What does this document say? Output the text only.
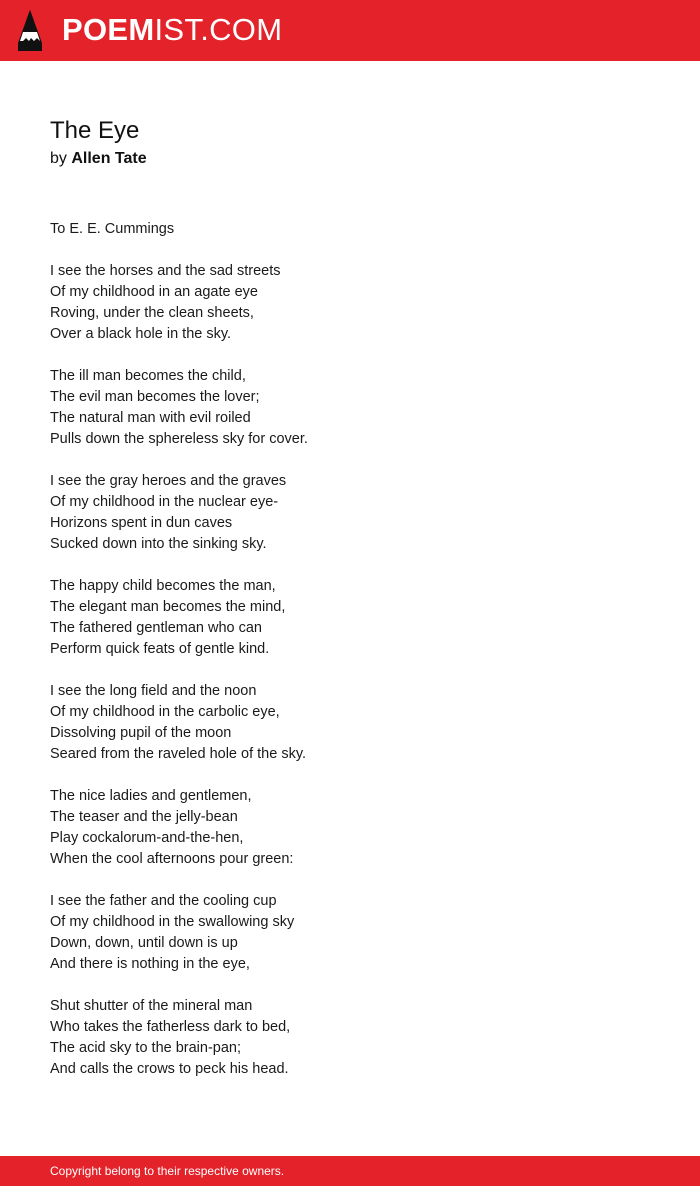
POEMIST.COM
The Eye
by Allen Tate
To E. E. Cummings
I see the horses and the sad streets
Of my childhood in an agate eye
Roving, under the clean sheets,
Over a black hole in the sky.
The ill man becomes the child,
The evil man becomes the lover;
The natural man with evil roiled
Pulls down the sphereless sky for cover.
I see the gray heroes and the graves
Of my childhood in the nuclear eye-
Horizons spent in dun caves
Sucked down into the sinking sky.
The happy child becomes the man,
The elegant man becomes the mind,
The fathered gentleman who can
Perform quick feats of gentle kind.
I see the long field and the noon
Of my childhood in the carbolic eye,
Dissolving pupil of the moon
Seared from the raveled hole of the sky.
The nice ladies and gentlemen,
The teaser and the jelly-bean
Play cockalorum-and-the-hen,
When the cool afternoons pour green:
I see the father and the cooling cup
Of my childhood in the swallowing sky
Down, down, until down is up
And there is nothing in the eye,
Shut shutter of the mineral man
Who takes the fatherless dark to bed,
The acid sky to the brain-pan;
And calls the crows to peck his head.
Copyright belong to their respective owners.
